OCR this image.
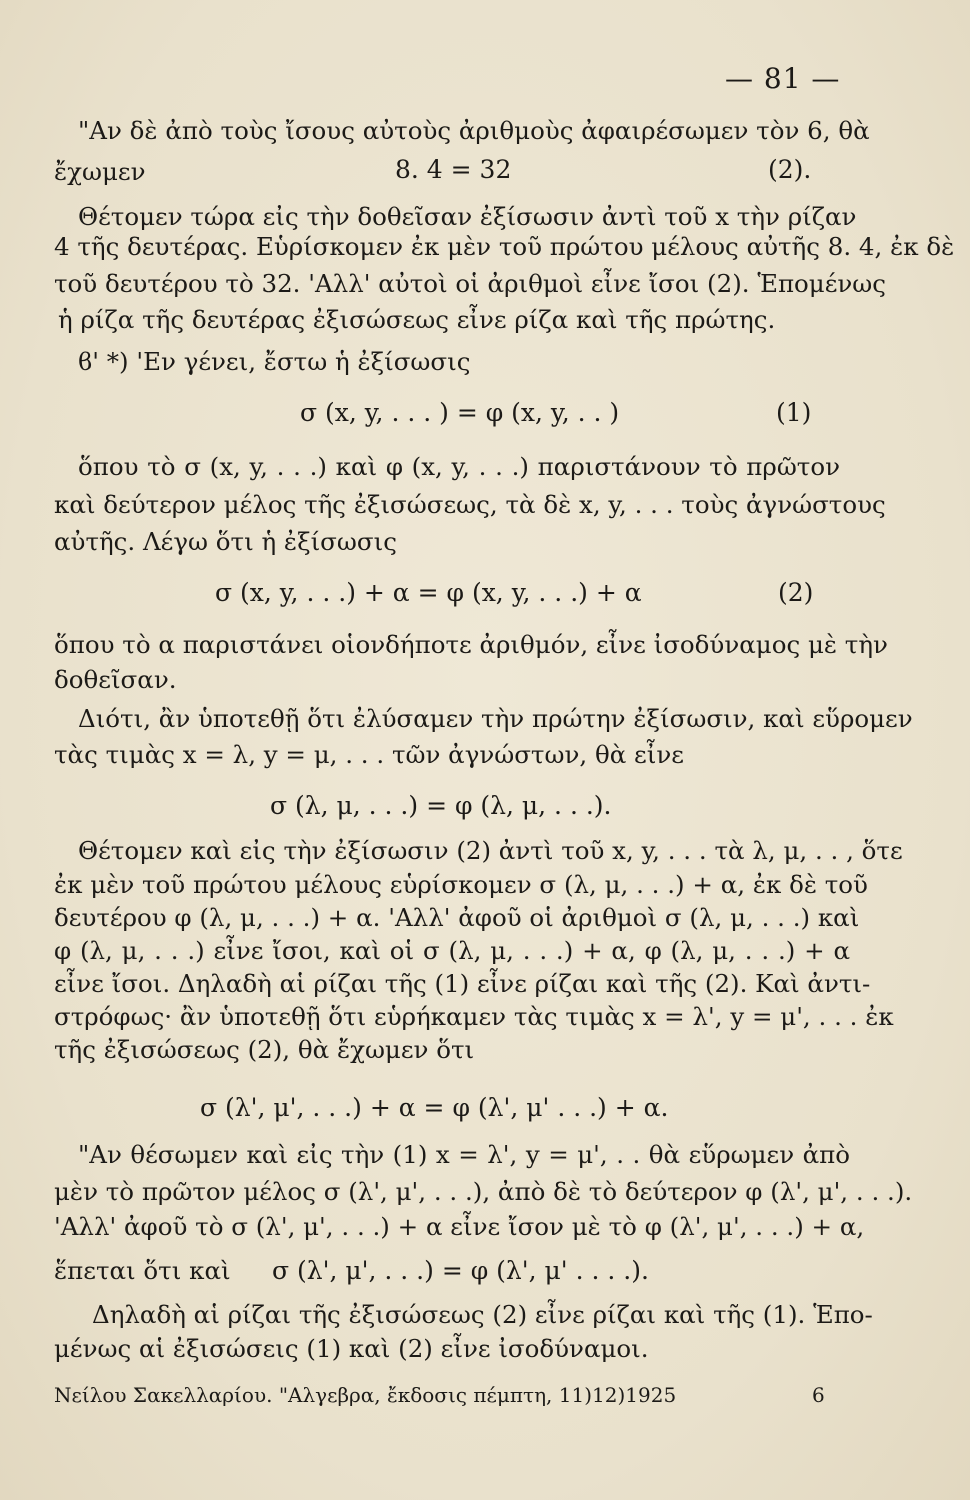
— 81 —
"Αν δὲ ἀπὸ τοὺς ἴσους αὐτοὺς ἀριθμοὺς ἀφαιρέσωμεν τὸν 6, θὰ
ἔχωμεν	8. 4 = 32	(2).
Θέτομεν τώρα εἰς τὴν δοθεῖσαν ἐξίσωσιν ἀντὶ τοῦ x τὴν ρίζαν
4 τῆς δευτέρας. Εὑρίσκομεν ἐκ μὲν τοῦ πρώτου μέλους αὐτῆς 8. 4, ἐκ δὲ
τοῦ δευτέρου τὸ 32. 'Αλλ' αὐτοὶ οἱ ἀριθμοὶ εἶνε ἴσοι (2). Ἑπομένως
ἡ ρίζα τῆς δευτέρας ἐξισώσεως εἶνε ρίζα καὶ τῆς πρώτης.
ϐ' *) 'Εν γένει, ἔστω ἡ ἐξίσωσις
σ (x, y, . . . ) = φ (x, y, . . )	(1)
ὅπου τὸ σ (x, y, . . .) καὶ φ (x, y, . . .) παριστάνουν τὸ πρῶτον
καὶ δεύτερον μέλος τῆς ἐξισώσεως, τὰ δὲ x, y, . . . τοὺς ἀγνώστους
αὐτῆς. Λέγω ὅτι ἡ ἐξίσωσις
σ (x, y, . . .) + α = φ (x, y, . . .) + α	(2)
ὅπου τὸ α παριστάνει οἱονδήποτε ἀριθμόν, εἶνε ἰσοδύναμος μὲ τὴν
δοθεῖσαν.
Διότι, ἂν ὑποτεθῇ ὅτι ἐλύσαμεν τὴν πρώτην ἐξίσωσιν, καὶ εὕρομεν
τὰς τιμὰς x = λ, y = μ, . . . τῶν ἀγνώστων, θὰ εἶνε
σ (λ, μ, . . .) = φ (λ, μ, . . .).
Θέτομεν καὶ εἰς τὴν ἐξίσωσιν (2) ἀντὶ τοῦ x, y, . . . τὰ λ, μ, . . , ὅτε
ἐκ μὲν τοῦ πρώτου μέλους εὑρίσκομεν σ (λ, μ, . . .) + α, ἐκ δὲ τοῦ
δευτέρου φ (λ, μ, . . .) + α. 'Αλλ' ἀφοῦ οἱ ἀριθμοὶ σ (λ, μ, . . .) καὶ
φ (λ, μ, . . .) εἶνε ἴσοι, καὶ οἱ σ (λ, μ, . . .) + α, φ (λ, μ, . . .) + α
εἶνε ἴσοι. Δηλαδὴ αἱ ρίζαι τῆς (1) εἶνε ρίζαι καὶ τῆς (2). Καὶ ἀντι-
στρόφως· ἂν ὑποτεθῇ ὅτι εὑρήκαμεν τὰς τιμὰς x = λ', y = μ', . . . ἐκ
τῆς ἐξισώσεως (2), θὰ ἔχωμεν ὅτι
σ (λ', μ', . . .) + α = φ (λ', μ' . . .) + α.
"Αν θέσωμεν καὶ εἰς τὴν (1) x = λ', y = μ', . . θὰ εὕρωμεν ἀπὸ
μὲν τὸ πρῶτον μέλος σ (λ', μ', . . .), ἀπὸ δὲ τὸ δεύτερον φ (λ', μ', . . .).
'Αλλ' ἀφοῦ τὸ σ (λ', μ', . . .) + α εἶνε ἴσον μὲ τὸ φ (λ', μ', . . .) + α,
ἕπεται ὅτι καὶ σ (λ', μ', . . .) = φ (λ', μ' . . . .).
Δηλαδὴ αἱ ρίζαι τῆς ἐξισώσεως (2) εἶνε ρίζαι καὶ τῆς (1). Ἑπο-
μένως αἱ ἐξισώσεις (1) καὶ (2) εἶνε ἰσοδύναμοι.
Νείλου Σακελλαρίου. "Αλγεβρα, ἔκδοσις πέμπτη, 11)12)1925	6
